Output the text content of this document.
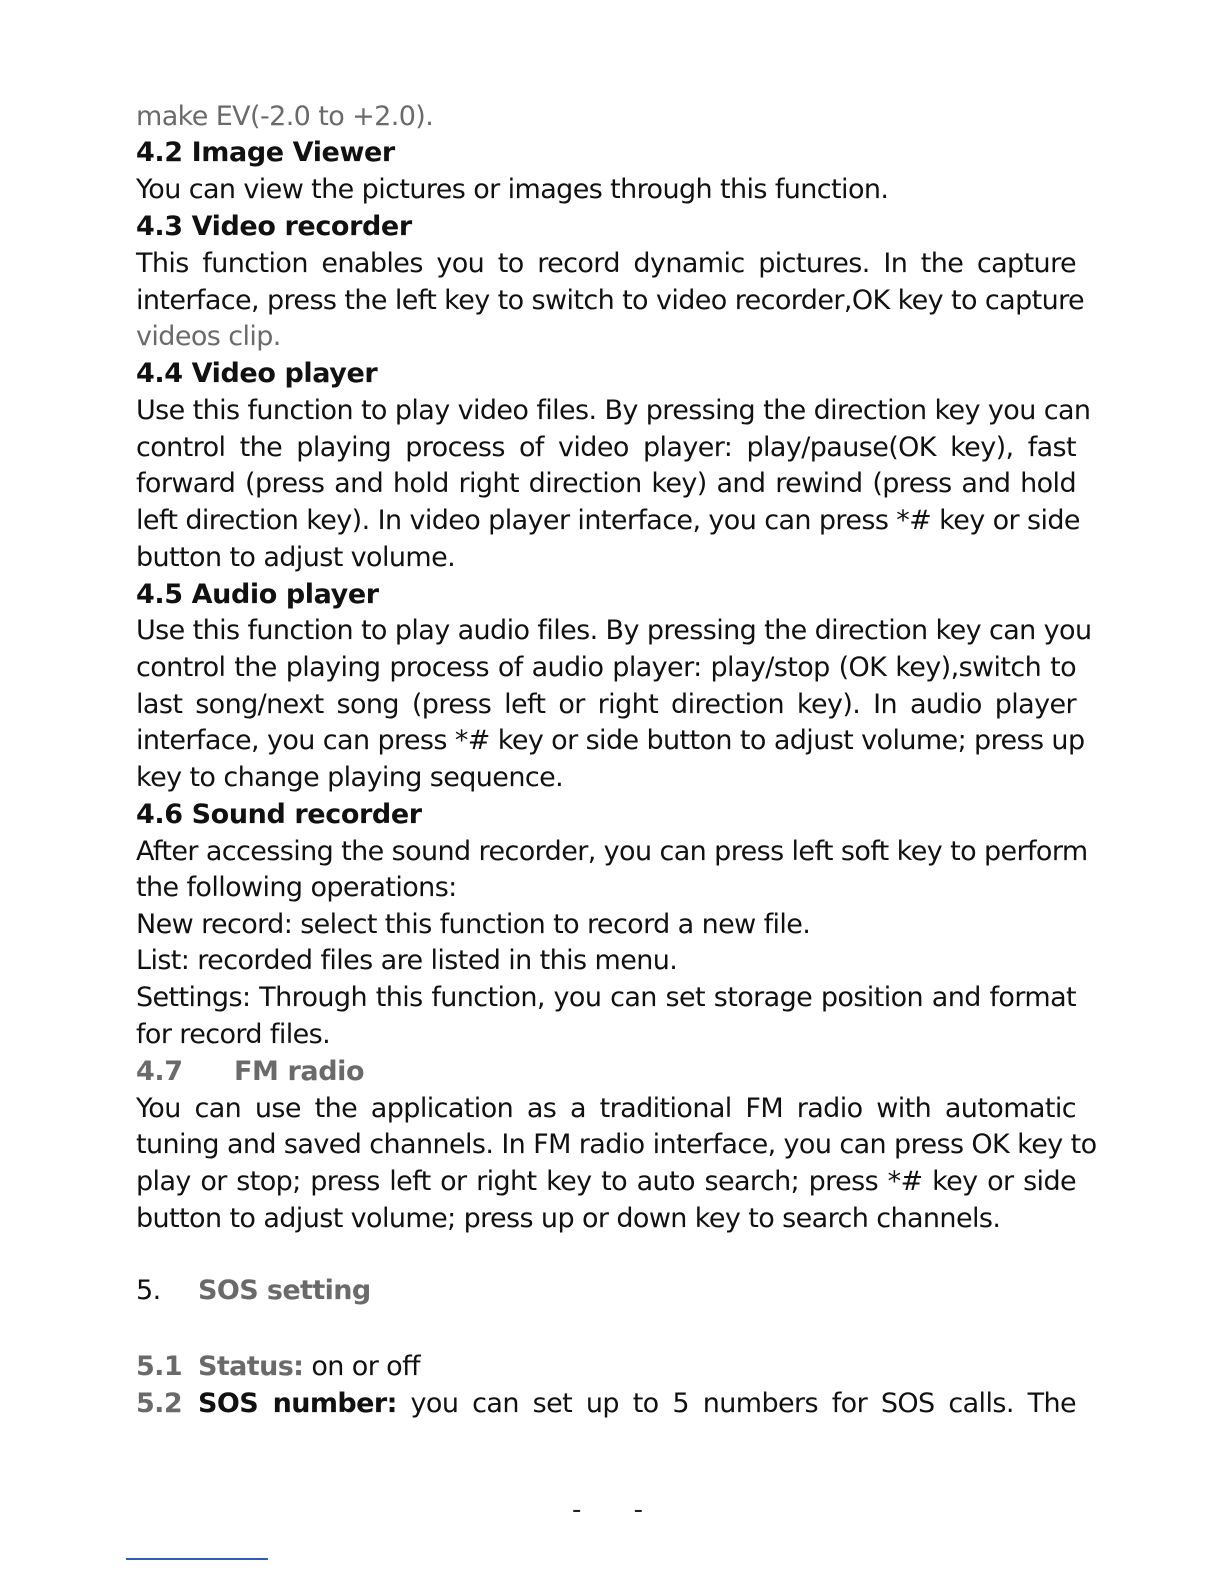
make EV(-2.0 to +2.0).
4.2 Image Viewer
You can view the pictures or images through this function.
4.3 Video recorder
This function enables you to record dynamic pictures. In the capture
interface, press the left key to switch to video recorder,OK key to capture
videos clip.
4.4 Video player
Use this function to play video files. By pressing the direction key you can
control the playing process of video player: play/pause(OK key), fast
forward (press and hold right direction key) and rewind (press and hold
left direction key). In video player interface, you can press *# key or side
button to adjust volume.
4.5 Audio player
Use this function to play audio files. By pressing the direction key can you
control the playing process of audio player: play/stop (OK key),switch to
last song/next song (press left or right direction key). In audio player
interface, you can press *# key or side button to adjust volume; press up
key to change playing sequence.
4.6 Sound recorder
After accessing the sound recorder, you can press left soft key to perform
the following operations:
New record: select this function to record a new file.
List: recorded files are listed in this menu.
Settings: Through this function, you can set storage position and format
for record files.
4.7 FM radio
You can use the application as a traditional FM radio with automatic
tuning and saved channels. In FM radio interface, you can press OK key to
play or stop; press left or right key to auto search; press *# key or side
button to adjust volume; press up or down key to search channels.
5. SOS setting
5.1 Status: on or off
5.2 SOS number: you can set up to 5 numbers for SOS calls. The
- -
